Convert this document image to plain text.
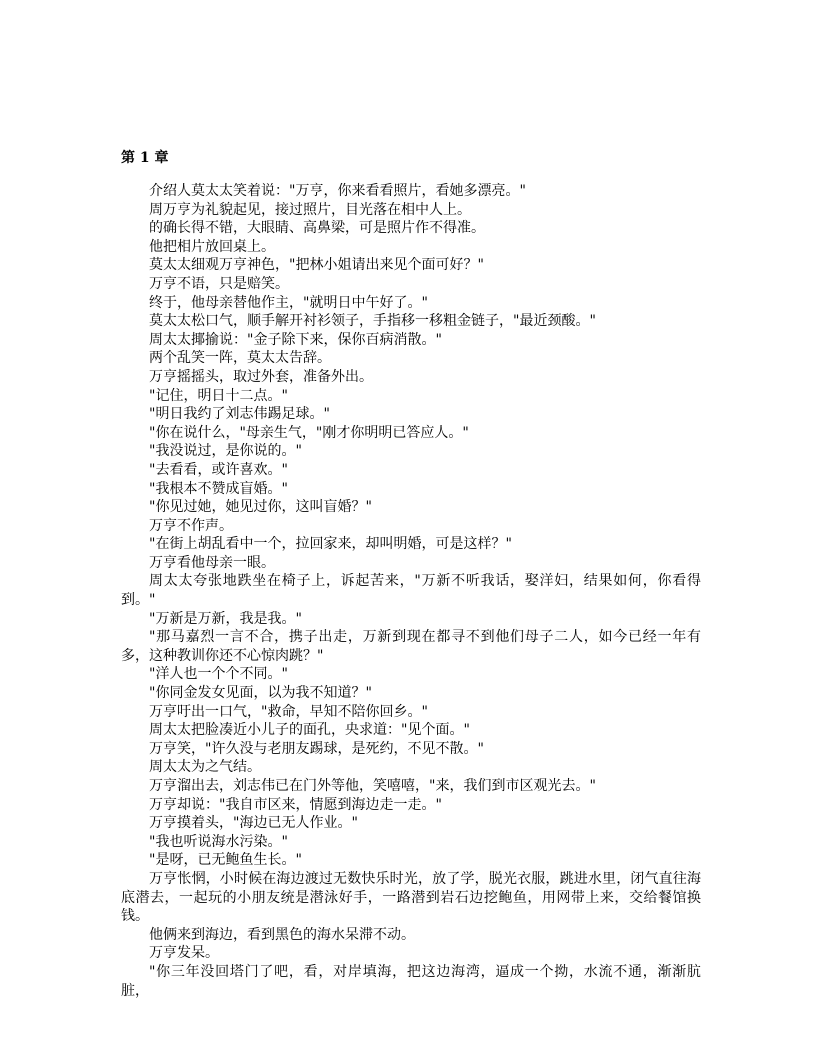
第 1 章

介绍人莫太太笑着说："万亨，你来看看照片，看她多漂亮。"

周万亨为礼貌起见，接过照片，目光落在相中人上。

的确长得不错，大眼睛、高鼻梁，可是照片作不得准。

他把相片放回桌上。

莫太太细观万亨神色，"把林小姐请出来见个面可好？"

万亨不语，只是赔笑。

终于，他母亲替他作主，"就明日中午好了。"

莫太太松口气，顺手解开衬衫领子，手指移一移粗金链子，"最近颈酸。"

周太太揶揄说："金子除下来，保你百病消散。"

两个乱笑一阵，莫太太告辞。

万亨摇摇头，取过外套，准备外出。

"记住，明日十二点。"

"明日我约了刘志伟踢足球。"

"你在说什么，"母亲生气，"刚才你明明已答应人。"

"我没说过，是你说的。"

"去看看，或许喜欢。"

"我根本不赞成盲婚。"

"你见过她，她见过你，这叫盲婚？"

万亨不作声。

"在街上胡乱看中一个，拉回家来，却叫明婚，可是这样？"

万亨看他母亲一眼。

周太太夸张地跌坐在椅子上，诉起苦来，"万新不听我话，娶洋妇，结果如何，你看得到。"

"万新是万新，我是我。"

"那马嘉烈一言不合，携子出走，万新到现在都寻不到他们母子二人，如今已经一年有多，这种教训你还不心惊肉跳？"

"洋人也一个个不同。"

"你同金发女见面，以为我不知道？"

万亨吁出一口气，"救命，早知不陪你回乡。"

周太太把脸凑近小儿子的面孔，央求道："见个面。"

万亨笑，"许久没与老朋友踢球，是死约，不见不散。"

周太太为之气结。

万亨溜出去，刘志伟已在门外等他，笑嘻嘻，"来，我们到市区观光去。"

万亨却说："我自市区来，情愿到海边走一走。"

万亨摸着头，"海边已无人作业。"

"我也听说海水污染。"

"是呀，已无鲍鱼生长。"

万亨怅惘，小时候在海边渡过无数快乐时光，放了学，脱光衣服，跳进水里，闭气直往海底潜去，一起玩的小朋友统是潜泳好手，一路潜到岩石边挖鲍鱼，用网带上来，交给餐馆换钱。

他俩来到海边，看到黑色的海水呆滞不动。

万亨发呆。

"你三年没回塔门了吧，看，对岸填海，把这边海湾，逼成一个拗，水流不通，渐渐肮脏，
